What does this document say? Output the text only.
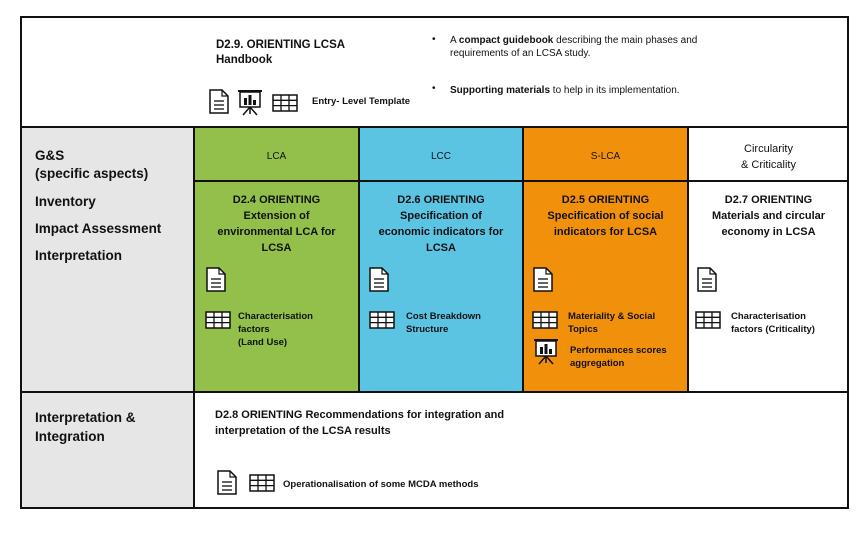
D2.9. ORIENTING LCSA
Handbook
Entry- Level Template
• A compact guidebook describing the main phases and
requirements of an LCSA study.
• Supporting materials to help in its implementation.
G&S
(specific aspects)
Inventory
Impact Assessment
Interpretation
Interpretation &
Integration
LCA	LCC	S-LCA
Circularity
& Criticality
D2.4 ORIENTING
Extension of
environmental LCA for
LCSA
D2.6 ORIENTING
Specification of
economic indicators for
LCSA
D2.5 ORIENTING
Specification of social
indicators for LCSA
D2.7 ORIENTING
Materials and circular
economy in LCSA
Characterisation
factors
(Land Use)
Cost Breakdown
Structure
Materiality & Social
Topics
Performances scores
aggregation
Characterisation
factors (Criticality)
D2.8 ORIENTING Recommendations for integration and
interpretation of the LCSA results
Operationalisation of some MCDA methods
